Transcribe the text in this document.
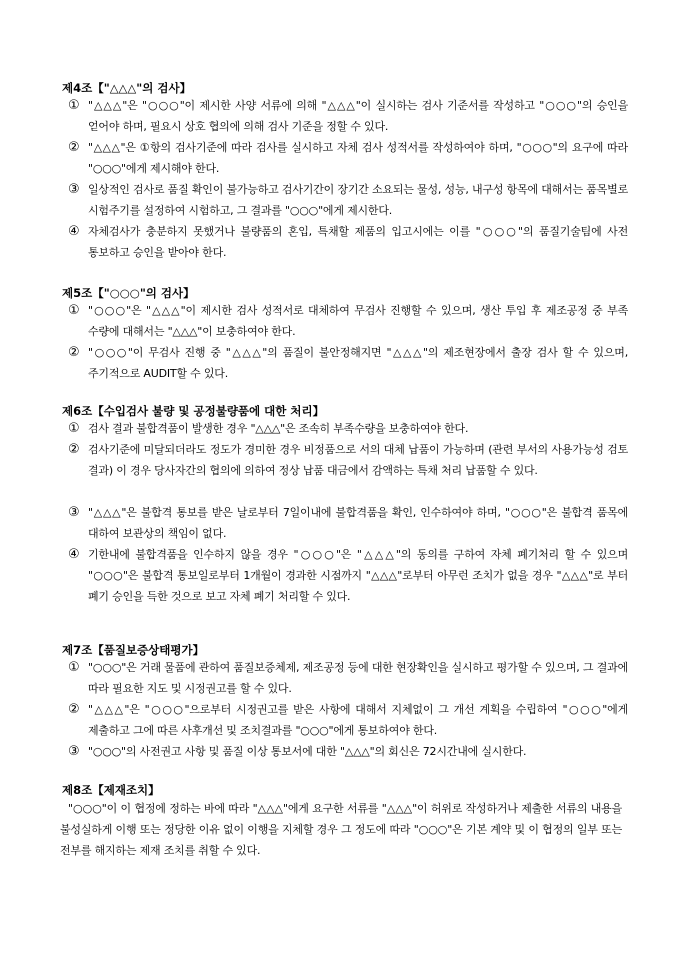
제4조【"△△△"의 검사】
① "△△△"은 "○○○"이 제시한 사양 서류에 의해 "△△△"이 실시하는 검사 기준서를 작성하고 "○○○"의 승인을 얻어야 하며, 필요시 상호 협의에 의해 검사 기준을 정할 수 있다.
② "△△△"은 ①항의 검사기준에 따라 검사를 실시하고 자체 검사 성적서를 작성하여야 하며, "○○○"의 요구에 따라 "○○○"에게 제시해야 한다.
③ 일상적인 검사로 품질 확인이 불가능하고 검사기간이 장기간 소요되는 물성, 성능, 내구성 항목에 대해서는 품목별로 시험주기를 설정하여 시험하고, 그 결과를 "○○○"에게 제시한다.
④ 자체검사가 충분하지 못했거나 불량품의 혼입, 특채할 제품의 입고시에는 이를 "○○○"의 품질기술팀에 사전 통보하고 승인을 받아야 한다.
제5조【"○○○"의 검사】
① "○○○"은 "△△△"이 제시한 검사 성적서로 대체하여 무검사 진행할 수 있으며, 생산 투입 후 제조공정 중 부족 수량에 대해서는 "△△△"이 보충하여야 한다.
② "○○○"이 무검사 진행 중 "△△△"의 품질이 불안정해지면 "△△△"의 제조현장에서 출장 검사 할 수 있으며, 주기적으로 AUDIT할 수 있다.
제6조【수입검사 불량 및 공정불량품에 대한 처리】
① 검사 결과 불합격품이 발생한 경우 "△△△"은 조속히 부족수량을 보충하여야 한다.
② 검사기준에 미달되더라도 정도가 경미한 경우 비정품으로 서의 대체 납품이 가능하며 (관련 부서의 사용가능성 검토 결과) 이 경우 당사자간의 협의에 의하여 정상 납품 대금에서 감액하는 특채 처리 납품할 수 있다.
③ "△△△"은 불합격 통보를 받은 날로부터 7일이내에 불합격품을 확인, 인수하여야 하며, "○○○"은 불합격 품목에 대하여 보관상의 책임이 없다.
④ 기한내에 불합격품을 인수하지 않을 경우 "○○○"은 "△△△"의 동의를 구하여 자체 폐기처리 할 수 있으며 "○○○"은 불합격 통보일로부터 1개월이 경과한 시점까지 "△△△"로부터 아무런 조치가 없을 경우 "△△△"로 부터 폐기 승인을 득한 것으로 보고 자체 폐기 처리할 수 있다.
제7조【품질보증상태평가】
① "○○○"은 거래 물품에 관하여 품질보증체제, 제조공정 등에 대한 현장확인을 실시하고 평가할 수 있으며, 그 결과에 따라 필요한 지도 및 시정권고를 할 수 있다.
② "△△△"은 "○○○"으로부터 시정권고를 받은 사항에 대해서 지체없이 그 개선 계획을 수립하여 "○○○"에게 제출하고 그에 따른 사후개선 및 조치결과를 "○○○"에게 통보하여야 한다.
③ "○○○"의 사전권고 사항 및 품질 이상 통보서에 대한 "△△△"의 회신은 72시간내에 실시한다.
제8조【제재조치】
"○○○"이 이 협정에 정하는 바에 따라 "△△△"에게 요구한 서류를 "△△△"이 허위로 작성하거나 제출한 서류의 내용을 불성실하게 이행 또는 정당한 이유 없이 이행을 지체할 경우 그 정도에 따라 "○○○"은 기본 계약 및 이 협정의 일부 또는 전부를 해지하는 제재 조치를 취할 수 있다.
